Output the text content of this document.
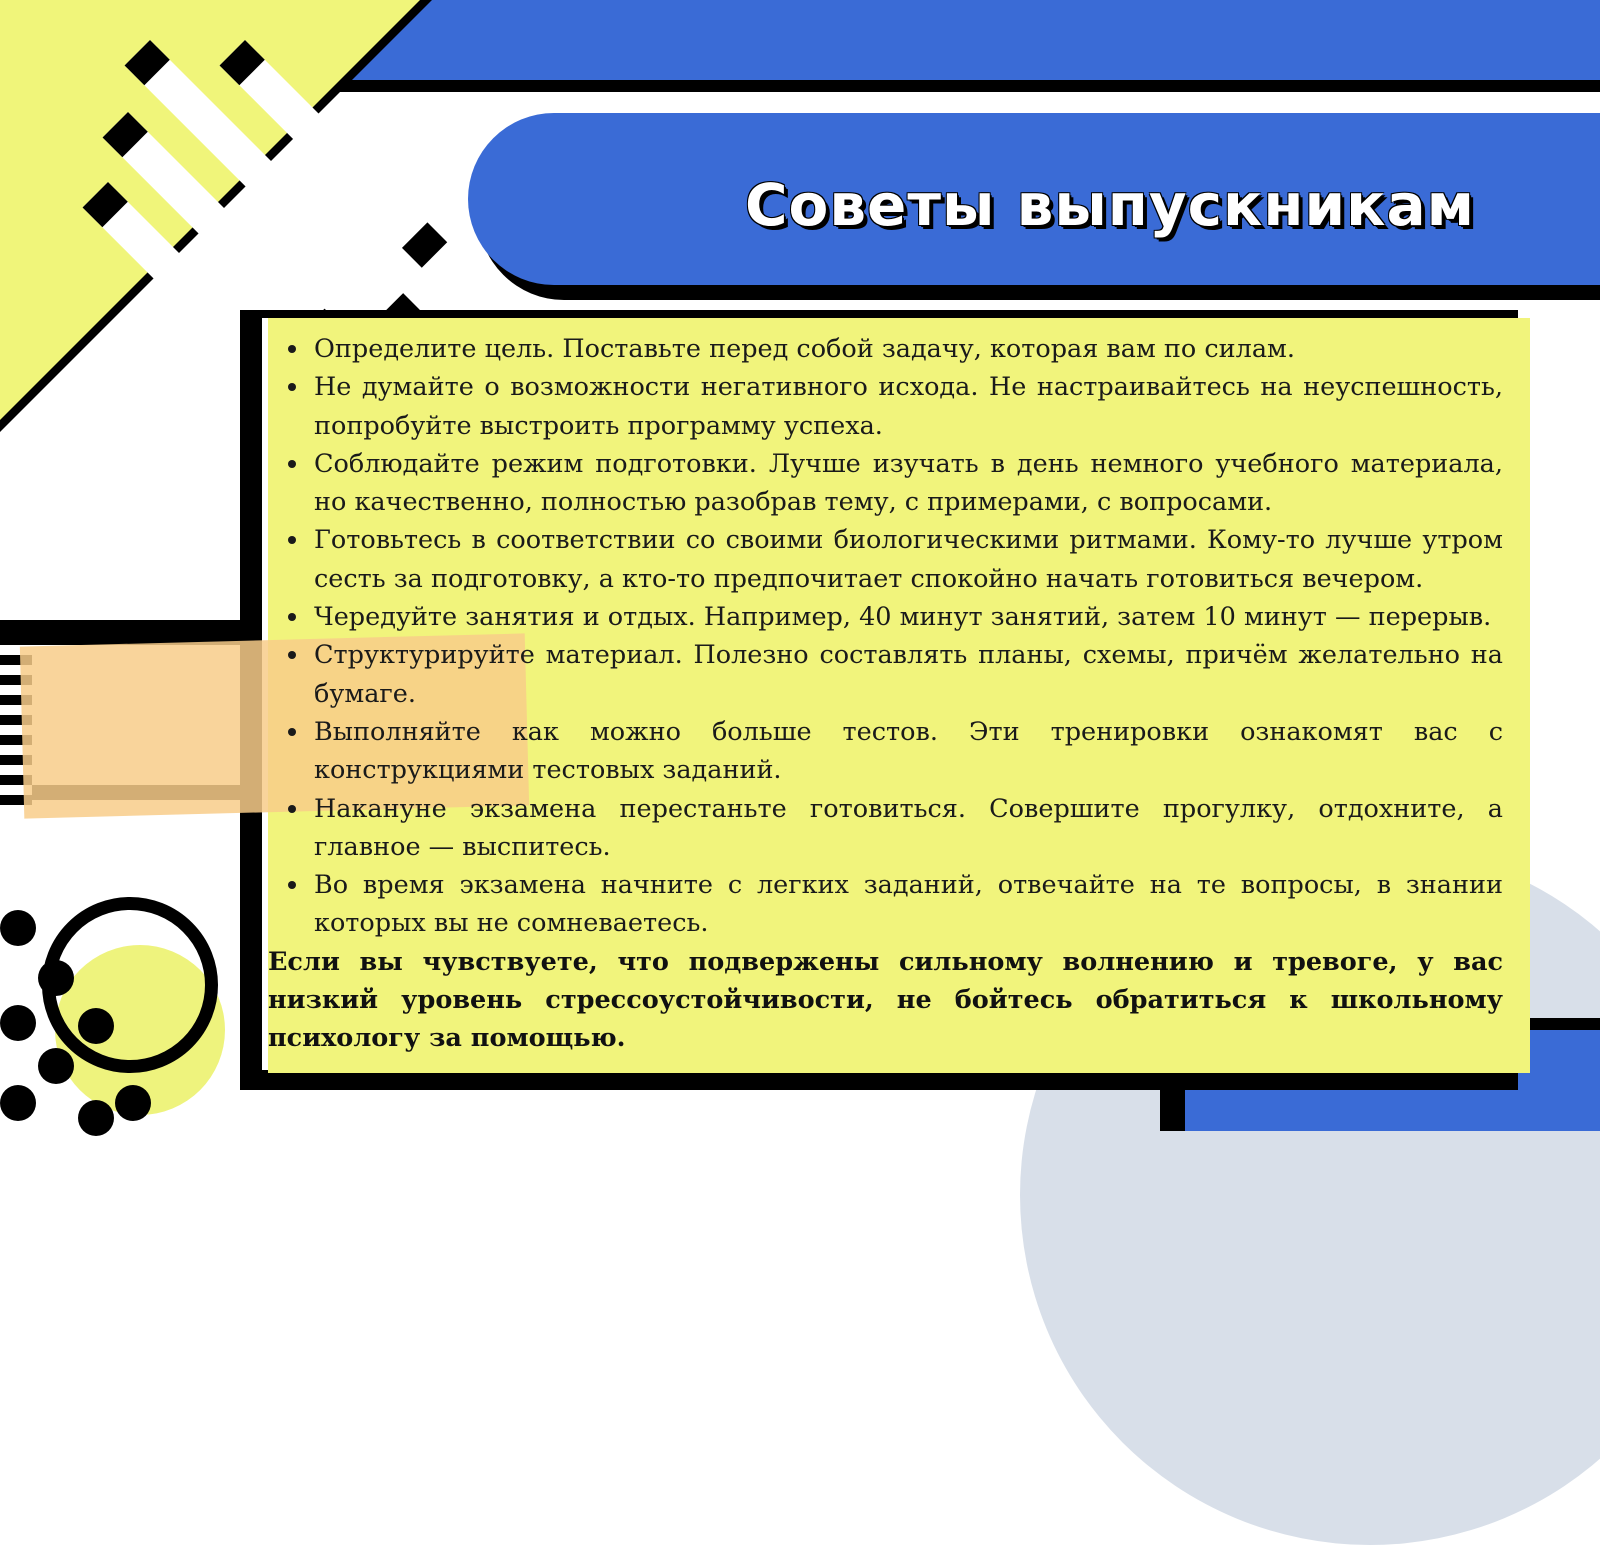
Советы выпускникам
Определите цель. Поставьте перед собой задачу, которая вам по силам.
Не думайте о возможности негативного исхода. Не настраивайтесь на неуспешность, попробуйте выстроить программу успеха.
Соблюдайте режим подготовки. Лучше изучать в день немного учебного материала, но качественно, полностью разобрав тему, с примерами, с вопросами.
Готовьтесь в соответствии со своими биологическими ритмами. Кому-то лучше утром сесть за подготовку, а кто-то предпочитает спокойно начать готовиться вечером.
Чередуйте занятия и отдых. Например, 40 минут занятий, затем 10 минут — перерыв.
Структурируйте материал. Полезно составлять планы, схемы, причём желательно на бумаге.
Выполняйте как можно больше тестов. Эти тренировки ознакомят вас с конструкциями тестовых заданий.
Накануне экзамена перестаньте готовиться. Совершите прогулку, отдохните, а главное — выспитесь.
Во время экзамена начните с легких заданий, отвечайте на те вопросы, в знании которых вы не сомневаетесь.

Если вы чувствуете, что подвержены сильному волнению и тревоге, у вас низкий уровень стрессоустойчивости, не бойтесь обратиться к школьному психологу за помощью.
